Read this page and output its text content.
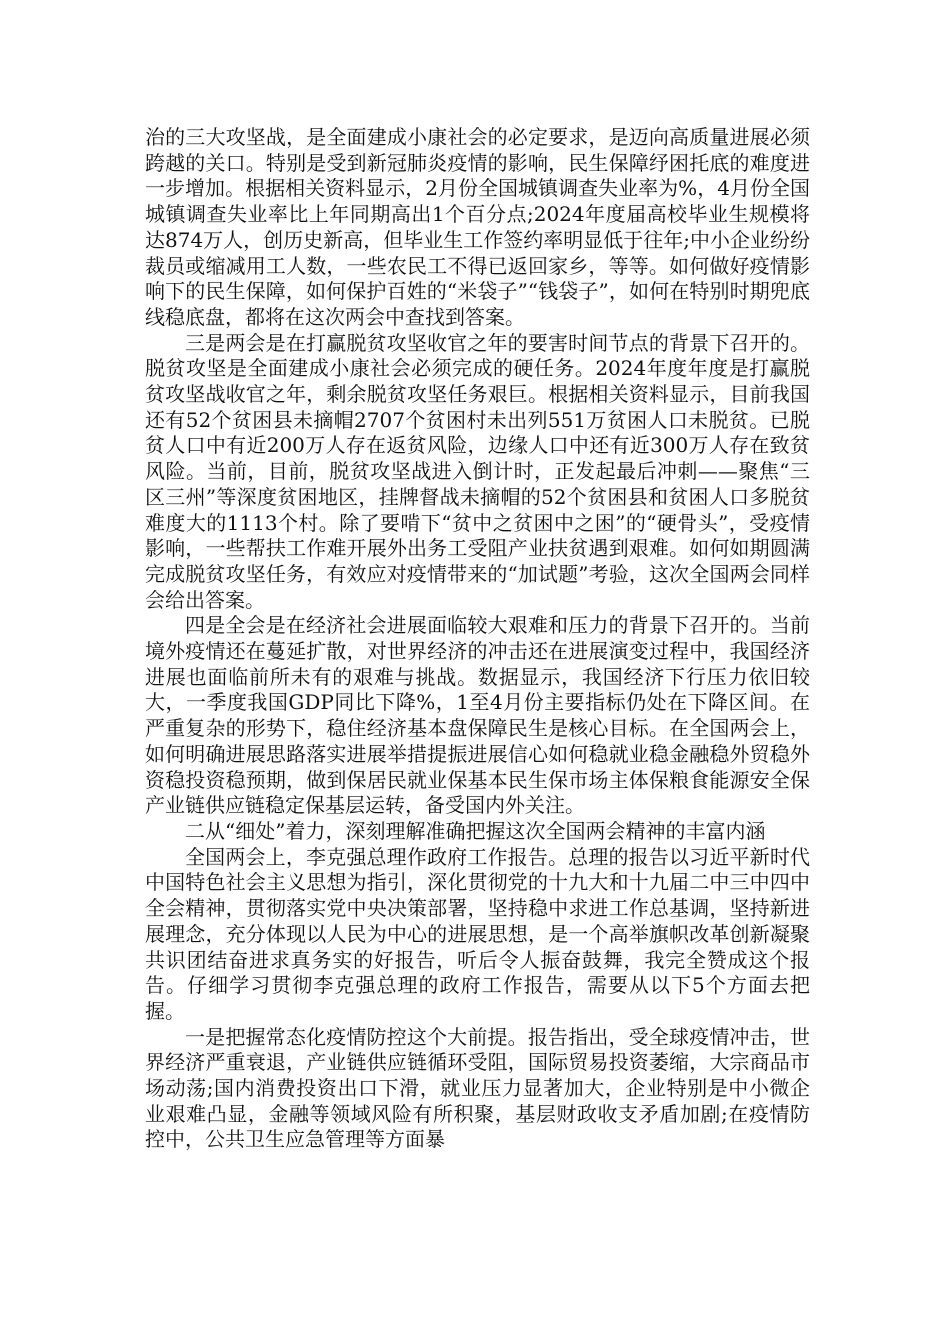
治的三大攻坚战，是全面建成小康社会的必定要求，是迈向高质量进展必须跨越的关口。特别是受到新冠肺炎疫情的影响，民生保障纾困托底的难度进一步增加。根据相关资料显示，2月份全国城镇调查失业率为%，4月份全国城镇调查失业率比上年同期高出1个百分点;2024年度届高校毕业生规模将达874万人，创历史新高，但毕业生工作签约率明显低于往年;中小企业纷纷裁员或缩减用工人数，一些农民工不得已返回家乡，等等。如何做好疫情影响下的民生保障，如何保护百姓的“米袋子”“钱袋子”，如何在特别时期兜底线稳底盘，都将在这次两会中查找到答案。

三是两会是在打赢脱贫攻坚收官之年的要害时间节点的背景下召开的。脱贫攻坚是全面建成小康社会必须完成的硬任务。2024年度年度是打赢脱贫攻坚战收官之年，剩余脱贫攻坚任务艰巨。根据相关资料显示，目前我国还有52个贫困县未摘帽2707个贫困村未出列551万贫困人口未脱贫。已脱贫人口中有近200万人存在返贫风险，边缘人口中还有近300万人存在致贫风险。当前，目前，脱贫攻坚战进入倒计时，正发起最后冲刺——聚焦“三区三州”等深度贫困地区，挂牌督战未摘帽的52个贫困县和贫困人口多脱贫难度大的1113个村。除了要啃下“贫中之贫困中之困”的“硬骨头”，受疫情影响，一些帮扶工作难开展外出务工受阻产业扶贫遇到艰难。如何如期圆满完成脱贫攻坚任务，有效应对疫情带来的“加试题”考验，这次全国两会同样会给出答案。

四是全会是在经济社会进展面临较大艰难和压力的背景下召开的。当前境外疫情还在蔓延扩散，对世界经济的冲击还在进展演变过程中，我国经济进展也面临前所未有的艰难与挑战。数据显示，我国经济下行压力依旧较大，一季度我国GDP同比下降%，1至4月份主要指标仍处在下降区间。在严重复杂的形势下，稳住经济基本盘保障民生是核心目标。在全国两会上，如何明确进展思路落实进展举措提振进展信心如何稳就业稳金融稳外贸稳外资稳投资稳预期，做到保居民就业保基本民生保市场主体保粮食能源安全保产业链供应链稳定保基层运转，备受国内外关注。

二从“细处”着力，深刻理解准确把握这次全国两会精神的丰富内涵

全国两会上，李克强总理作政府工作报告。总理的报告以习近平新时代中国特色社会主义思想为指引，深化贯彻党的十九大和十九届二中三中四中全会精神，贯彻落实党中央决策部署，坚持稳中求进工作总基调，坚持新进展理念，充分体现以人民为中心的进展思想，是一个高举旗帜改革创新凝聚共识团结奋进求真务实的好报告，听后令人振奋鼓舞，我完全赞成这个报告。仔细学习贯彻李克强总理的政府工作报告，需要从以下5个方面去把握。

一是把握常态化疫情防控这个大前提。报告指出，受全球疫情冲击，世界经济严重衰退，产业链供应链循环受阻，国际贸易投资萎缩，大宗商品市场动荡;国内消费投资出口下滑，就业压力显著加大，企业特别是中小微企业艰难凸显，金融等领域风险有所积聚，基层财政收支矛盾加剧;在疫情防控中，公共卫生应急管理等方面暴
